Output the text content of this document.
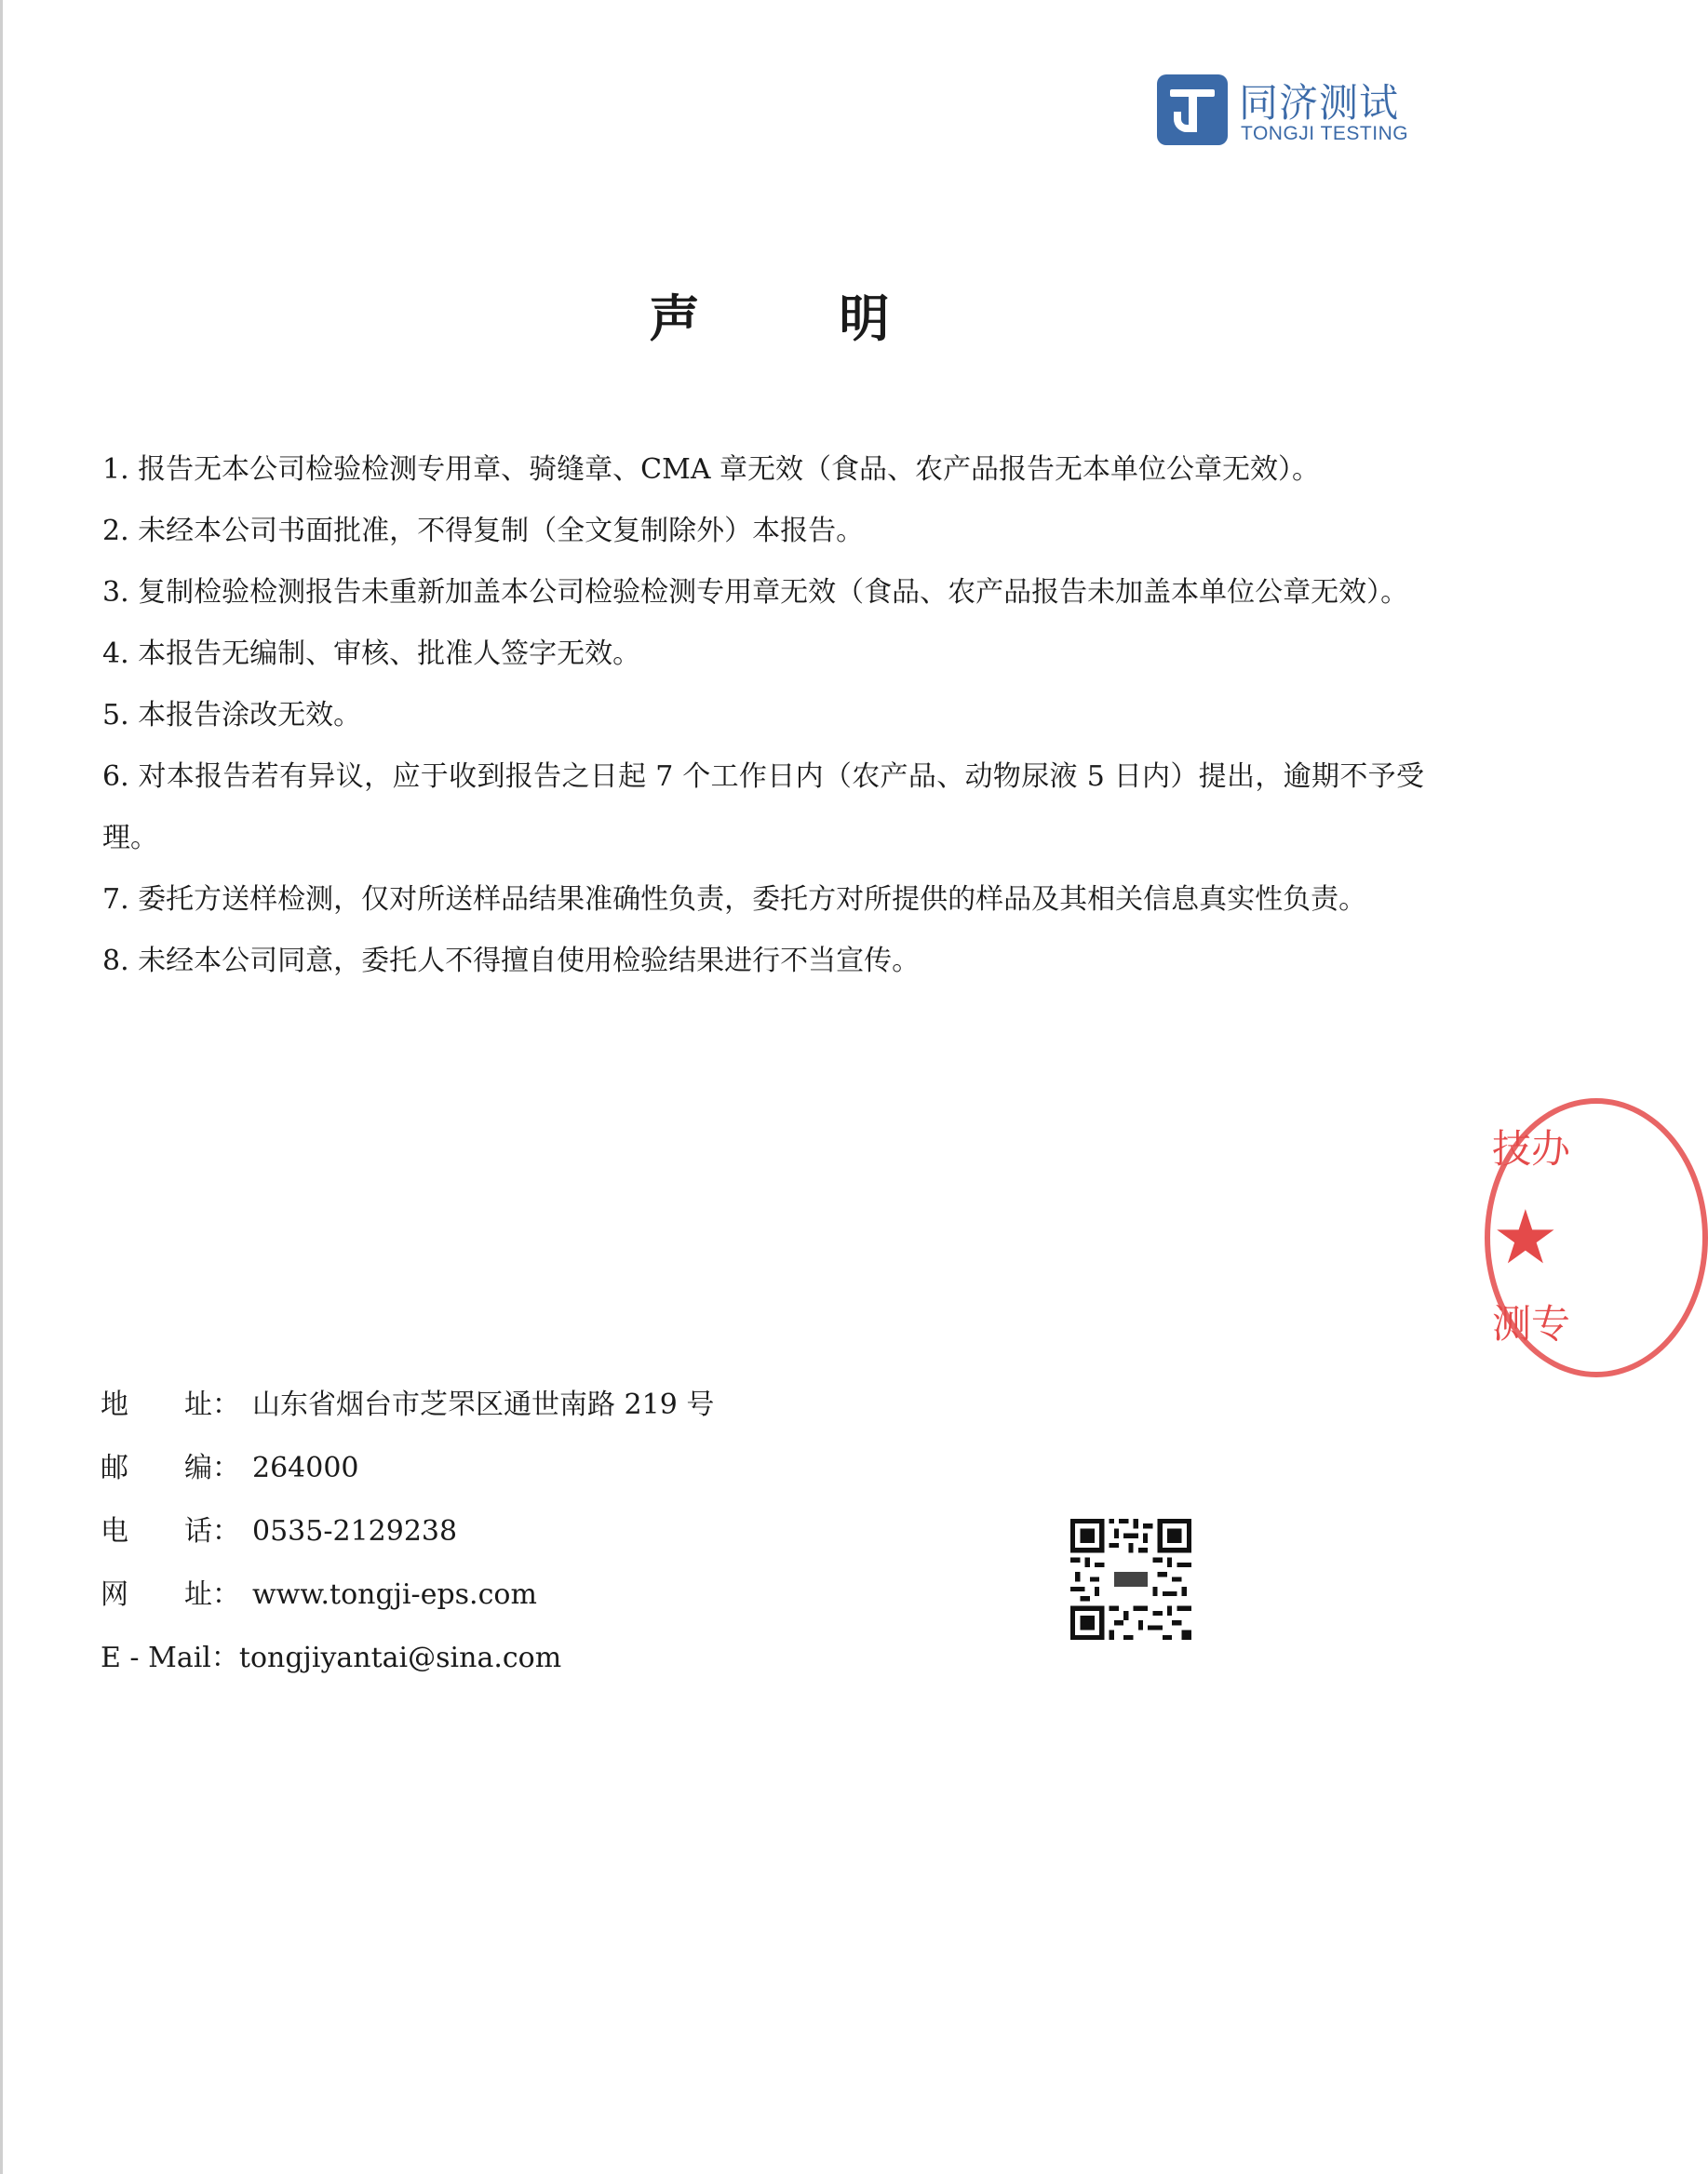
同济测试
TONGJI TESTING
声明

1. 报告无本公司检验检测专用章、骑缝章、CMA 章无效（食品、农产品报告无本单位公章无效）。

2. 未经本公司书面批准，不得复制（全文复制除外）本报告。

3. 复制检验检测报告未重新加盖本公司检验检测专用章无效（食品、农产品报告未加盖本单位公章无效）。

4. 本报告无编制、审核、批准人签字无效。

5. 本报告涂改无效。

6. 对本报告若有异议，应于收到报告之日起 7 个工作日内（农产品、动物尿液 5 日内）提出，逾期不予受理。

7. 委托方送样检测，仅对所送样品结果准确性负责，委托方对所提供的样品及其相关信息真实性负责。

8. 未经本公司同意，委托人不得擅自使用检验结果进行不当宣传。

地　　址： 山东省烟台市芝罘区通世南路 219 号
邮　　编： 264000
电　　话： 0535-2129238
网　　址： www.tongji-eps.com
E - Mail：tongjiyantai@sina.com
技办
★
测专
